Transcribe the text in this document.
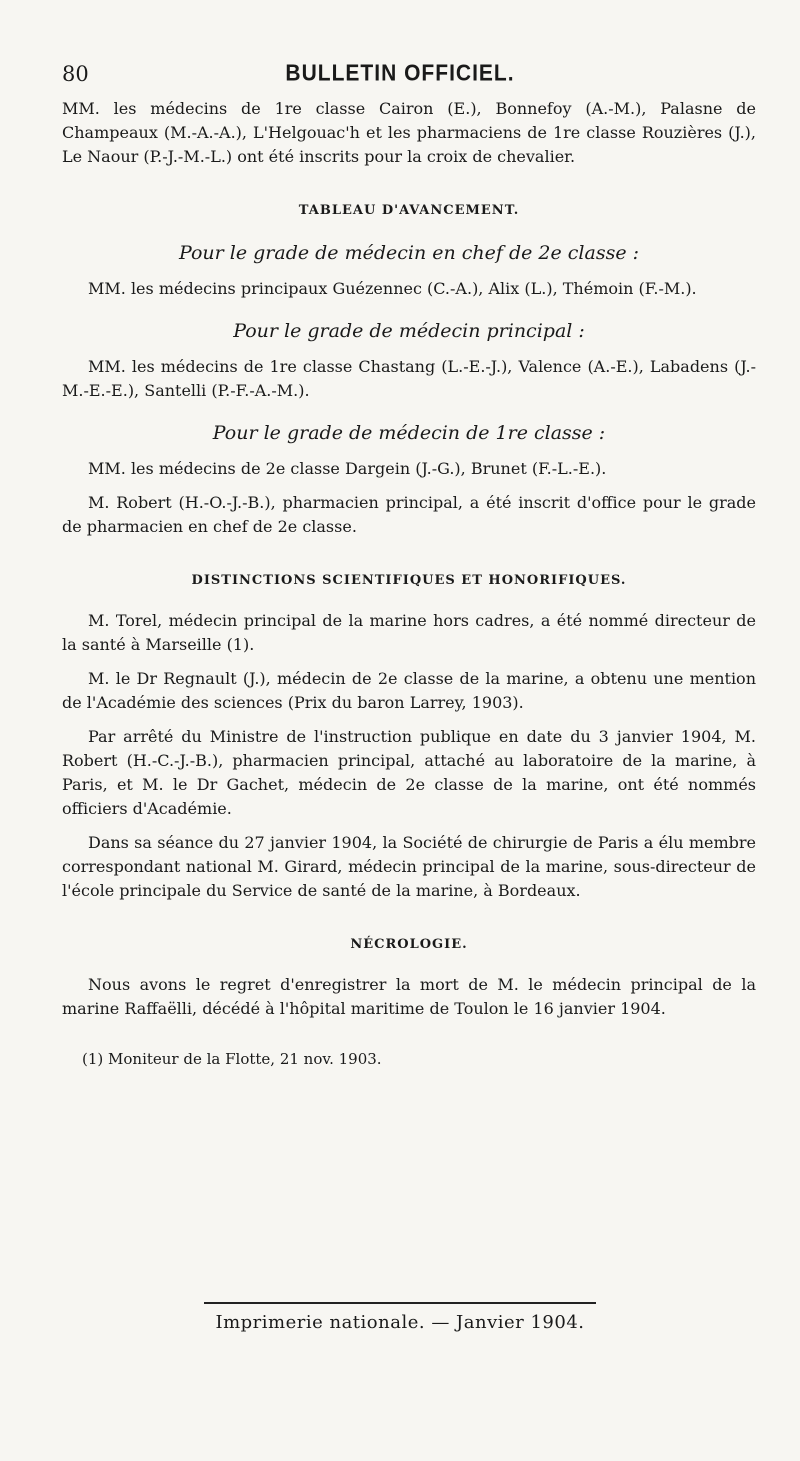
80	BULLETIN OFFICIEL.

MM. les médecins de 1re classe Cairon (E.), Bonnefoy (A.-M.), Palasne de Champeaux (M.-A.-A.), L'Helgouac'h et les pharmaciens de 1re classe Rouzières (J.), Le Naour (P.-J.-M.-L.) ont été inscrits pour la croix de chevalier.

TABLEAU D'AVANCEMENT.
Pour le grade de médecin en chef de 2e classe :

MM. les médecins principaux Guézennec (C.-A.), Alix (L.), Thémoin (F.-M.).

Pour le grade de médecin principal :

MM. les médecins de 1re classe Chastang (L.-E.-J.), Valence (A.-E.), Labadens (J.-M.-E.-E.), Santelli (P.-F.-A.-M.).

Pour le grade de médecin de 1re classe :

MM. les médecins de 2e classe Dargein (J.-G.), Brunet (F.-L.-E.).

M. Robert (H.-O.-J.-B.), pharmacien principal, a été inscrit d'office pour le grade de pharmacien en chef de 2e classe.

DISTINCTIONS SCIENTIFIQUES ET HONORIFIQUES.

M. Torel, médecin principal de la marine hors cadres, a été nommé directeur de la santé à Marseille (1).

M. le Dr Regnault (J.), médecin de 2e classe de la marine, a obtenu une mention de l'Académie des sciences (Prix du baron Larrey, 1903).

Par arrêté du Ministre de l'instruction publique en date du 3 janvier 1904, M. Robert (H.-C.-J.-B.), pharmacien principal, attaché au laboratoire de la marine, à Paris, et M. le Dr Gachet, médecin de 2e classe de la marine, ont été nommés officiers d'Académie.

Dans sa séance du 27 janvier 1904, la Société de chirurgie de Paris a élu membre correspondant national M. Girard, médecin principal de la marine, sous-directeur de l'école principale du Service de santé de la marine, à Bordeaux.

NÉCROLOGIE.

Nous avons le regret d'enregistrer la mort de M. le médecin principal de la marine Raffaëlli, décédé à l'hôpital maritime de Toulon le 16 janvier 1904.

(1) Moniteur de la Flotte, 21 nov. 1903.
Imprimerie nationale. — Janvier 1904.
